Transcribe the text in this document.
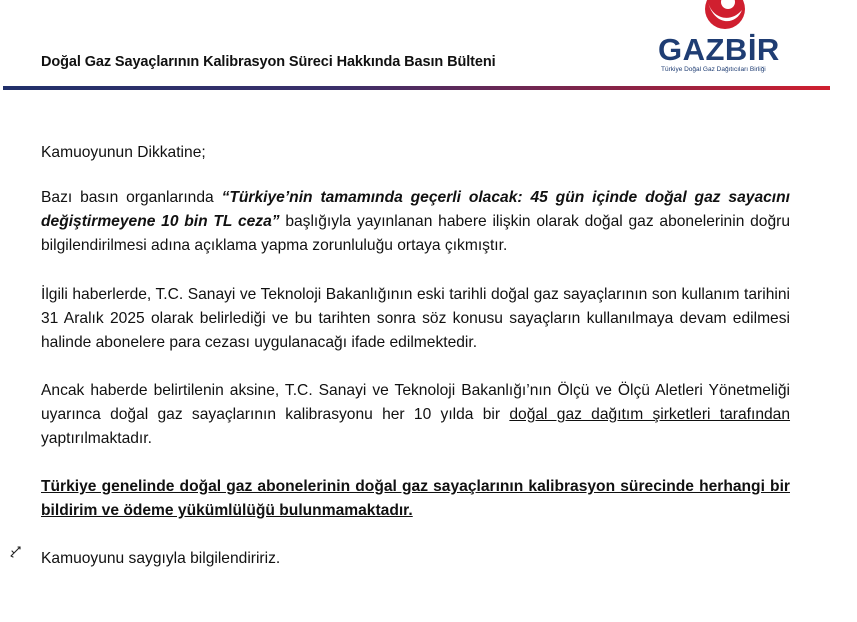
Doğal Gaz Sayaçlarının Kalibrasyon Süreci Hakkında Basın Bülteni	GAZBİR
Türkiye Doğal Gaz Dağıtıcıları Birliği
Kamuoyunun Dikkatine;
Bazı basın organlarında “Türkiye’nin tamamında geçerli olacak: 45 gün içinde doğal gaz sayacını değiştirmeyene 10 bin TL ceza” başlığıyla yayınlanan habere ilişkin olarak doğal gaz abonelerinin doğru bilgilendirilmesi adına açıklama yapma zorunluluğu ortaya çıkmıştır.
İlgili haberlerde, T.C. Sanayi ve Teknoloji Bakanlığının eski tarihli doğal gaz sayaçlarının son kullanım tarihini 31 Aralık 2025 olarak belirlediği ve bu tarihten sonra söz konusu sayaçların kullanılmaya devam edilmesi halinde abonelere para cezası uygulanacağı ifade edilmektedir.
Ancak haberde belirtilenin aksine, T.C. Sanayi ve Teknoloji Bakanlığı’nın Ölçü ve Ölçü Aletleri Yönetmeliği uyarınca doğal gaz sayaçlarının kalibrasyonu her 10 yılda bir doğal gaz dağıtım şirketleri tarafından yaptırılmaktadır.
Türkiye genelinde doğal gaz abonelerinin doğal gaz sayaçlarının kalibrasyon sürecinde herhangi bir bildirim ve ödeme yükümlülüğü bulunmamaktadır.
Kamuoyunu saygıyla bilgilendiririz.
